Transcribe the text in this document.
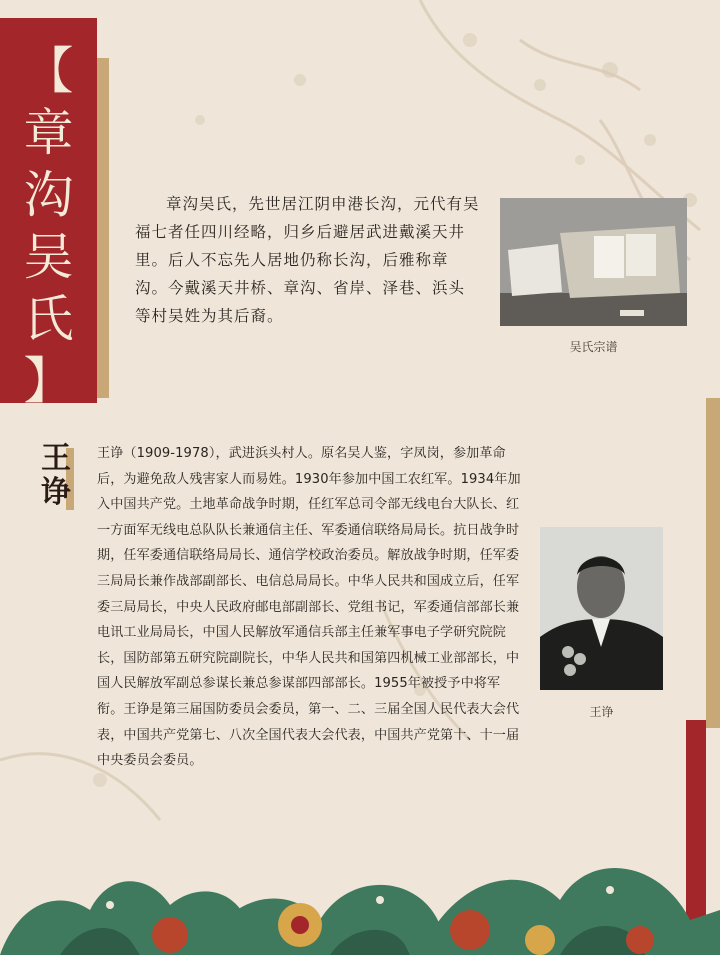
【
章
沟
吴
氏
】
章沟吴氏，先世居江阴申港长沟，元代有吴福七者任四川经略，归乡后避居武进戴溪天井里。后人不忘先人居地仍称长沟，后雅称章沟。今戴溪天井桥、章沟、省岸、泽巷、浜头等村吴姓为其后裔。
吴氏宗谱
王
诤
王诤（1909-1978），武进浜头村人。原名吴人鉴，字凤岗，参加革命后，为避免敌人残害家人而易姓。1930年参加中国工农红军。1934年加入中国共产党。土地革命战争时期，任红军总司令部无线电台大队长、红一方面军无线电总队队长兼通信主任、军委通信联络局局长。抗日战争时期，任军委通信联络局局长、通信学校政治委员。解放战争时期，任军委三局局长兼作战部副部长、电信总局局长。中华人民共和国成立后，任军委三局局长，中央人民政府邮电部副部长、党组书记，军委通信部部长兼电讯工业局局长，中国人民解放军通信兵部主任兼军事电子学研究院院长，国防部第五研究院副院长，中华人民共和国第四机械工业部部长，中国人民解放军副总参谋长兼总参谋部四部部长。1955年被授予中将军衔。王诤是第三届国防委员会委员，第一、二、三届全国人民代表大会代表，中国共产党第七、八次全国代表大会代表，中国共产党第十、十一届中央委员会委员。
王诤
